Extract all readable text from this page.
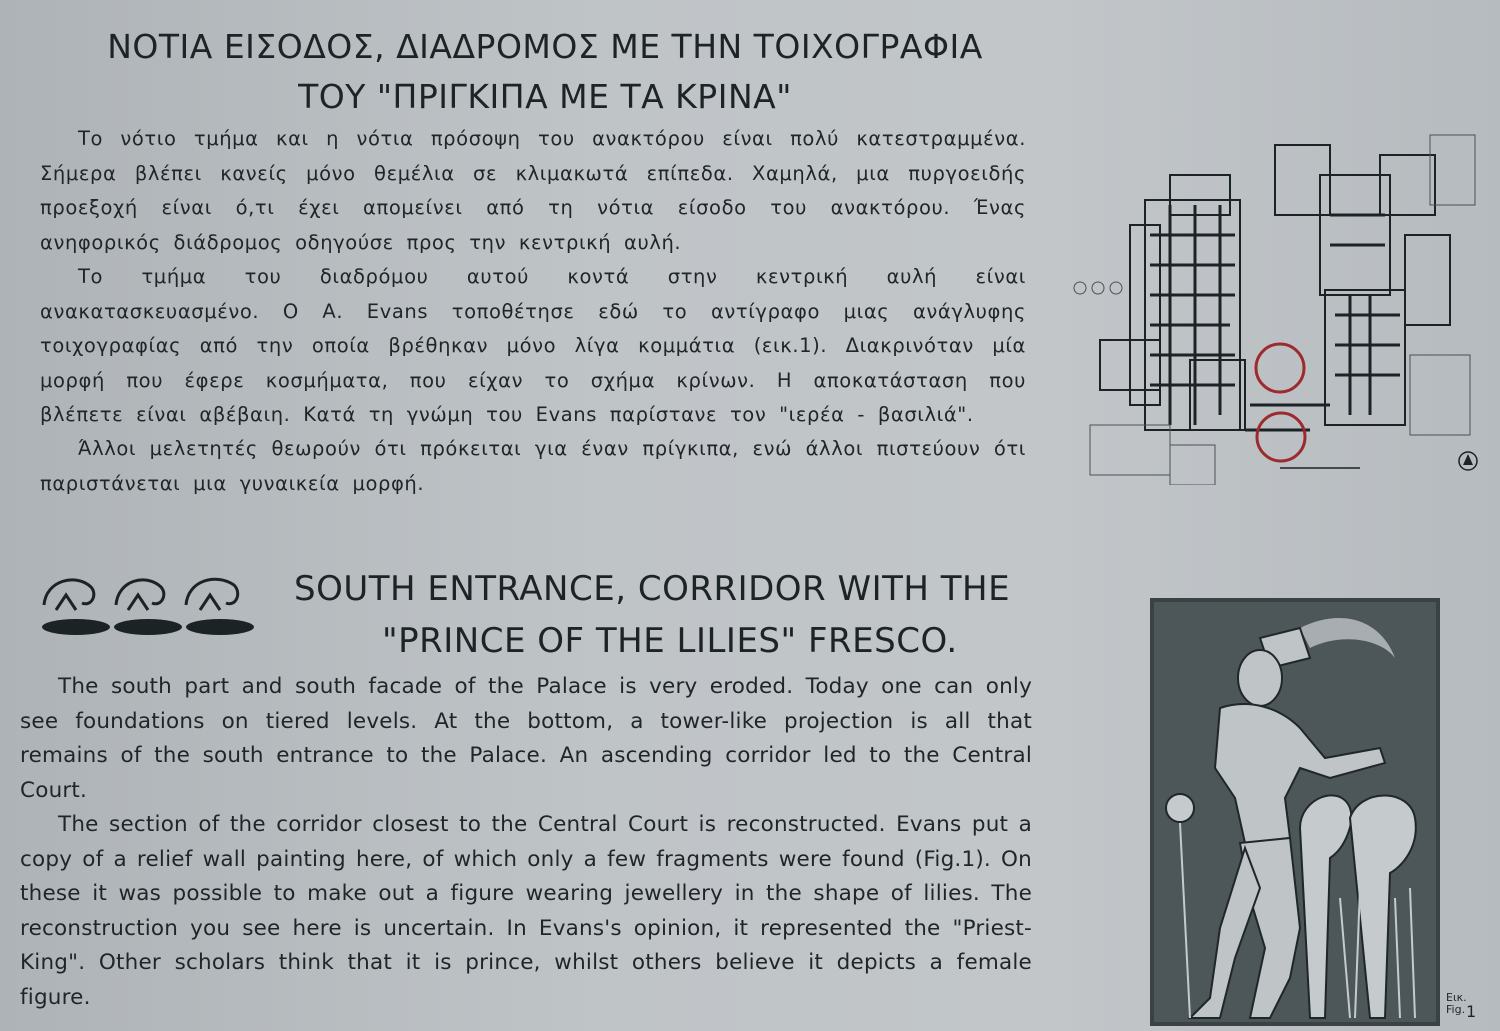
ΝΟΤΙΑ ΕΙΣΟΔΟΣ, ΔΙΑΔΡΟΜΟΣ ΜΕ ΤΗΝ ΤΟΙΧΟΓΡΑΦΙΑ
ΤΟΥ "ΠΡΙΓΚΙΠΑ ΜΕ ΤΑ ΚΡΙΝΑ"

Το νότιο τμήμα και η νότια πρόσοψη του ανακτόρου είναι πολύ κατεστραμμένα. Σήμερα βλέπει κανείς μόνο θεμέλια σε κλιμακωτά επίπεδα. Χαμηλά, μια πυργοειδής προεξοχή είναι ό,τι έχει απομείνει από τη νότια είσοδο του ανακτόρου. Ένας ανηφορικός διάδρομος οδηγούσε προς την κεντρική αυλή.

Το τμήμα του διαδρόμου αυτού κοντά στην κεντρική αυλή είναι ανακατασκευασμένο. Ο Α. Evans τοποθέτησε εδώ το αντίγραφο μιας ανάγλυφης τοιχογραφίας από την οποία βρέθηκαν μόνο λίγα κομμάτια (εικ.1). Διακρινόταν μία μορφή που έφερε κοσμήματα, που είχαν το σχήμα κρίνων. Η αποκατάσταση που βλέπετε είναι αβέβαιη. Κατά τη γνώμη του Evans παρίστανε τον "ιερέα - βασιλιά".

Άλλοι μελετητές θεωρούν ότι πρόκειται για έναν πρίγκιπα, ενώ άλλοι πιστεύουν ότι παριστάνεται μια γυναικεία μορφή.

SOUTH ENTRANCE, CORRIDOR WITH THE
"PRINCE OF THE LILIES" FRESCO.

The south part and south facade of the Palace is very eroded. Today one can only see foundations on tiered levels. At the bottom, a tower-like projection is all that remains of the south entrance to the Palace. An ascending corridor led to the Central Court.

The section of the corridor closest to the Central Court is reconstructed. Evans put a copy of a relief wall painting here, of which only a few fragments were found (Fig.1). On these it was possible to make out a figure wearing jewellery in the shape of lilies. The reconstruction you see here is uncertain. In Evans's opinion, it represented the "Priest-King". Other scholars think that it is prince, whilst others believe it depicts a female figure.	Εικ.
Fig. 1
